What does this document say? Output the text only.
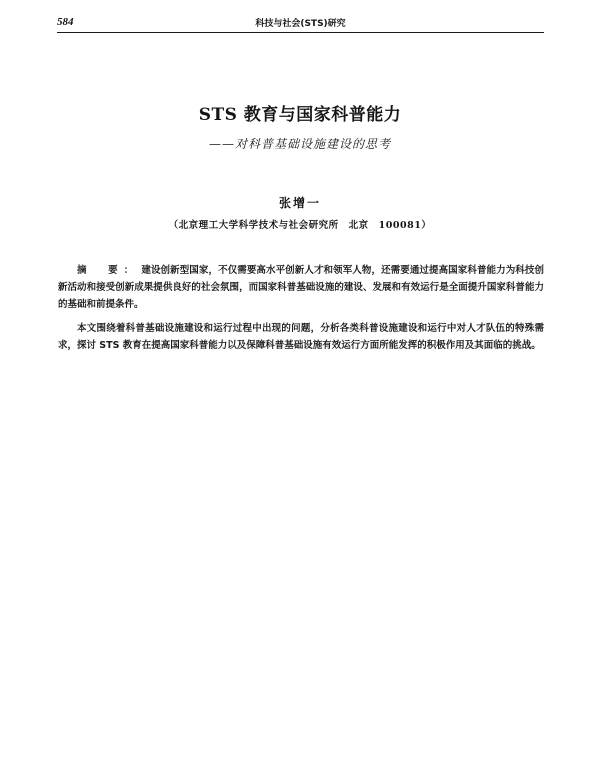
584	科技与社会(STS)研究
STS 教育与国家科普能力
——对科普基础设施建设的思考
张增一
（北京理工大学科学技术与社会研究所　北京　100081）
摘　要： 建设创新型国家，不仅需要高水平创新人才和领军人物，还需要通过提高国家科普能力为科技创新活动和接受创新成果提供良好的社会氛围，而国家科普基础设施的建设、发展和有效运行是全面提升国家科普能力的基础和前提条件。
本文围绕着科普基础设施建设和运行过程中出现的问题，分析各类科普设施建设和运行中对人才队伍的特殊需求，探讨 STS 教育在提高国家科普能力以及保障科普基础设施有效运行方面所能发挥的积极作用及其面临的挑战。
